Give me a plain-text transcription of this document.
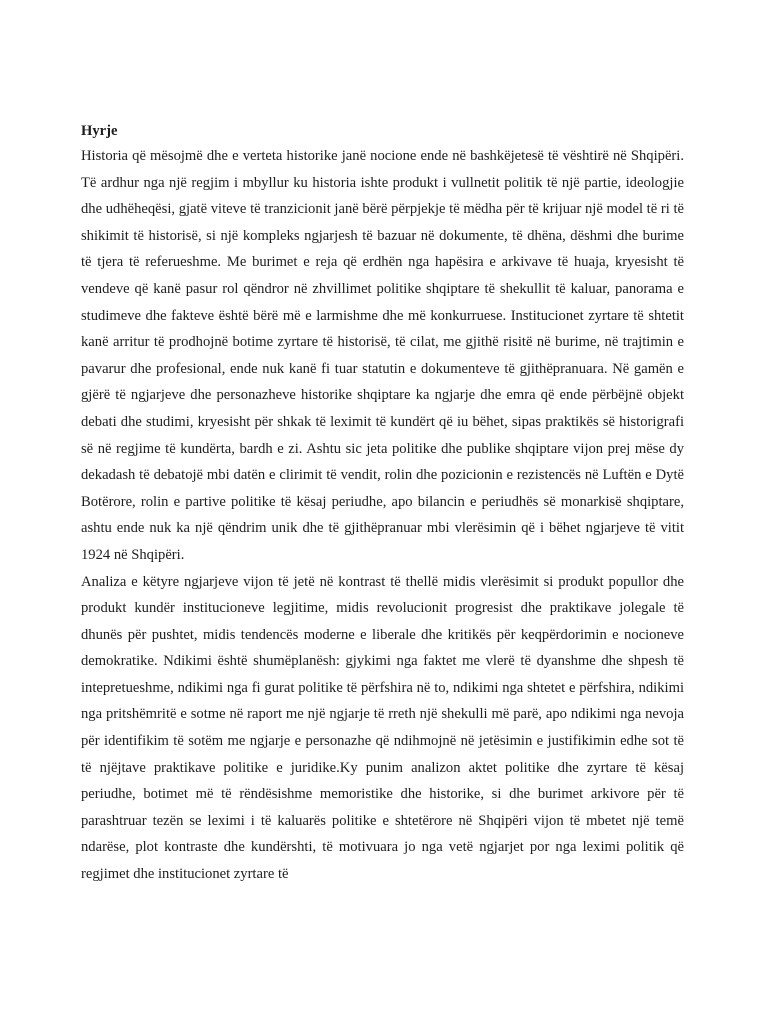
Hyrje

Historia që mësojmë dhe e verteta historike janë nocione ende në bashkëjetesë të vështirë në Shqipëri. Të ardhur nga një regjim i mbyllur ku historia ishte produkt i vullnetit politik të një partie, ideologjie dhe udhëheqësi, gjatë viteve të tranzicionit janë bërë përpjekje të mëdha për të krijuar një model të ri të shikimit të historisë, si një kompleks ngjarjesh të bazuar në dokumente, të dhëna, dëshmi dhe burime të tjera të referueshme. Me burimet e reja që erdhën nga hapësira e arkivave të huaja, kryesisht të vendeve që kanë pasur rol qëndror në zhvillimet politike shqiptare të shekullit të kaluar, panorama e studimeve dhe fakteve është bërë më e larmishme dhe më konkurruese. Institucionet zyrtare të shtetit kanë arritur të prodhojnë botime zyrtare të historisë, të cilat, me gjithë risitë në burime, në trajtimin e pavarur dhe profesional, ende nuk kanë fi tuar statutin e dokumenteve të gjithëpranuara. Në gamën e gjërë të ngjarjeve dhe personazheve historike shqiptare ka ngjarje dhe emra që ende përbëjnë objekt debati dhe studimi, kryesisht për shkak të leximit të kundërt që iu bëhet, sipas praktikës së historigrafi së në regjime të kundërta, bardh e zi. Ashtu sic jeta politike dhe publike shqiptare vijon prej mëse dy dekadash të debatojë mbi datën e clirimit të vendit, rolin dhe pozicionin e rezistencës në Luftën e Dytë Botërore, rolin e partive politike të kësaj periudhe, apo bilancin e periudhës së monarkisë shqiptare, ashtu ende nuk ka një qëndrim unik dhe të gjithëpranuar mbi vlerësimin që i bëhet ngjarjeve të vitit 1924 në Shqipëri.

Analiza e këtyre ngjarjeve vijon të jetë në kontrast të thellë midis vlerësimit si produkt popullor dhe produkt kundër institucioneve legjitime, midis revolucionit progresist dhe praktikave jolegale të dhunës për pushtet, midis tendencës moderne e liberale dhe kritikës për keqpërdorimin e nocioneve demokratike. Ndikimi është shumëplanësh: gjykimi nga faktet me vlerë të dyanshme dhe shpesh të intepretueshme, ndikimi nga fi gurat politike të përfshira në to, ndikimi nga shtetet e përfshira, ndikimi nga pritshëmritë e sotme në raport me një ngjarje të rreth një shekulli më parë, apo ndikimi nga nevoja për identifikim të sotëm me ngjarje e personazhe që ndihmojnë në jetësimin e justifikimin edhe sot të të njëjtave praktikave politike e juridike.Ky punim analizon aktet politike dhe zyrtare të kësaj periudhe, botimet më të rëndësishme memoristike dhe historike, si dhe burimet arkivore për të parashtruar tezën se leximi i të kaluarës politike e shtetërore në Shqipëri vijon të mbetet një temë ndarëse, plot kontraste dhe kundërshti, të motivuara jo nga vetë ngjarjet por nga leximi politik që regjimet dhe institucionet zyrtare të
